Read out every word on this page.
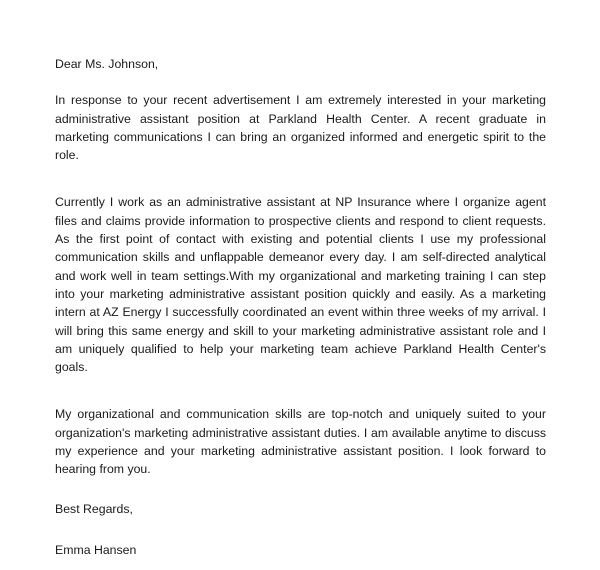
Dear Ms. Johnson,

In response to your recent advertisement I am extremely interested in your marketing administrative assistant position at Parkland Health Center. A recent graduate in marketing communications I can bring an organized informed and energetic spirit to the role.

Currently I work as an administrative assistant at NP Insurance where I organize agent files and claims provide information to prospective clients and respond to client requests. As the first point of contact with existing and potential clients I use my professional communication skills and unflappable demeanor every day. I am self-directed analytical and work well in team settings.With my organizational and marketing training I can step into your marketing administrative assistant position quickly and easily. As a marketing intern at AZ Energy I successfully coordinated an event within three weeks of my arrival. I will bring this same energy and skill to your marketing administrative assistant role and I am uniquely qualified to help your marketing team achieve Parkland Health Center's goals.

My organizational and communication skills are top-notch and uniquely suited to your organization's marketing administrative assistant duties. I am available anytime to discuss my experience and your marketing administrative assistant position. I look forward to hearing from you.

Best Regards,

Emma Hansen
